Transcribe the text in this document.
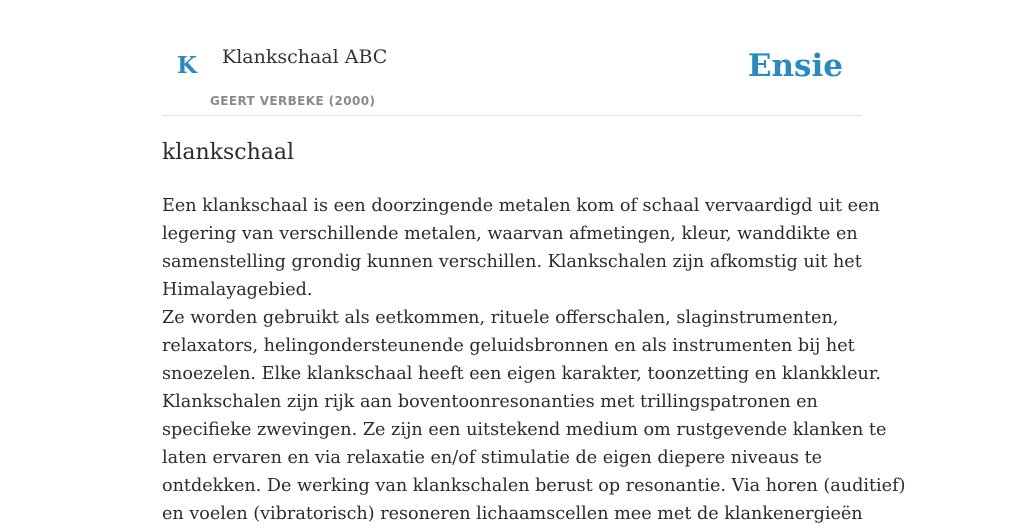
K Klankschaal ABC
GEERT VERBEKE (2000)
Ensie
klankschaal
Een klankschaal is een doorzingende metalen kom of schaal vervaardigd uit een
legering van verschillende metalen, waarvan afmetingen, kleur, wanddikte en
samenstelling grondig kunnen verschillen. Klankschalen zijn afkomstig uit het
Himalayagebied.
Ze worden gebruikt als eetkommen, rituele offerschalen, slaginstrumenten,
relaxators, helingondersteunende geluidsbronnen en als instrumenten bij het
snoezelen. Elke klankschaal heeft een eigen karakter, toonzetting en klankkleur.
Klankschalen zijn rijk aan boventoonresonanties met trillingspatronen en
specifieke zwevingen. Ze zijn een uitstekend medium om rustgevende klanken te
laten ervaren en via relaxatie en/of stimulatie de eigen diepere niveaus te
ontdekken. De werking van klankschalen berust op resonantie. Via horen (auditief)
en voelen (vibratorisch) resoneren lichaamscellen mee met de klankenergieën
